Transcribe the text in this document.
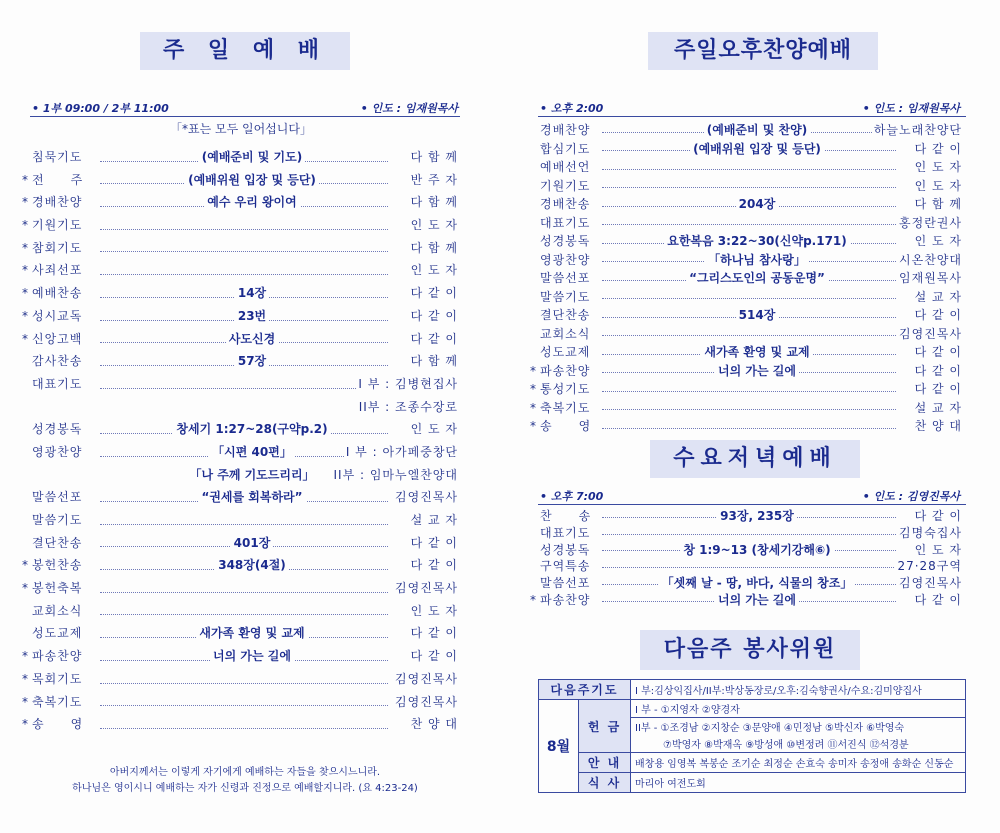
주 일 예 배
• 1부 09:00 / 2부 11:00	• 인도 : 임재원목사
「*표는 모두 일어섭니다」
침묵기도	(예배준비 및 기도)	다 함 께
* 전　　주	(예배위원 입장 및 등단)	반 주 자
* 경배찬양	예수 우리 왕이여	다 함 께
* 기원기도	인 도 자
* 참회기도	다 함 께
* 사죄선포	인 도 자
* 예배찬송	14장	다 같 이
* 성시교독	23번	다 같 이
* 신앙고백	사도신경	다 같 이
감사찬송	57장	다 함 께
대표기도	I 부 : 김병현집사
II부 : 조종수장로
성경봉독	창세기 1:27~28(구약p.2)	인 도 자
영광찬양	「시편 40편」	I 부 : 아가페중창단
「나 주께 기도드리리」	II부 : 임마누엘찬양대
말씀선포	“권세를 회복하라”	김영진목사
말씀기도	설 교 자
결단찬송	401장	다 같 이
* 봉헌찬송	348장(4절)	다 같 이
* 봉헌축복	김영진목사
교회소식	인 도 자
성도교제	새가족 환영 및 교제	다 같 이
* 파송찬양	너의 가는 길에	다 같 이
* 목회기도	김영진목사
* 축복기도	김영진목사
* 송　　영	찬 양 대
아버지께서는 이렇게 자기에게 예배하는 자들을 찾으시느니라.
하나님은 영이시니 예배하는 자가 신령과 진정으로 예배할지니라. (요 4:23-24)
주일오후찬양예배
• 오후 2:00	• 인도 : 임재원목사
경배찬양	(예배준비 및 찬양)	하늘노래찬양단
합심기도	(예배위원 입장 및 등단)	다 같 이
예배선언	인 도 자
기원기도	인 도 자
경배찬송	204장	다 함 께
대표기도	홍정란권사
성경봉독	요한복음 3:22~30(신약p.171)	인 도 자
영광찬양	「하나님 참사랑」	시온찬양대
말씀선포	“그리스도인의 공동운명”	임재원목사
말씀기도	설 교 자
결단찬송	514장	다 같 이
교회소식	김영진목사
성도교제	새가족 환영 및 교제	다 같 이
* 파송찬양	너의 가는 길에	다 같 이
* 통성기도	다 같 이
* 축복기도	설 교 자
* 송　　영	찬 양 대
수요저녁예배
• 오후 7:00	• 인도 : 김영진목사
찬　　송	93장, 235장	다 같 이
대표기도	김명숙집사
성경봉독	창 1:9~13 (창세기강해⑥)	인 도 자
구역특송	27·28구역
말씀선포	「셋째 날 - 땅, 바다, 식물의 창조」	김영진목사
* 파송찬양	너의 가는 길에	다 같 이
다음주 봉사위원
다음주기도		I 부:김상익집사/II부:박상동장로/오후:김숙향권사/수요:김미양집사
8월	헌 금	I 부 - ①지영자 ②양경자
		II부 - ①조경남 ②지창순 ③문양애 ④민정남 ⑤박신자 ⑥박영숙
		⑦박영자 ⑧박재옥 ⑨방성애 ⑩변정려 ⑪서진식 ⑫석경분
	안 내	배창용 임영복 복봉순 조기순 최정순 손효숙 송미자 송정애 송화순 신동순
	식 사	마리아 여전도회
